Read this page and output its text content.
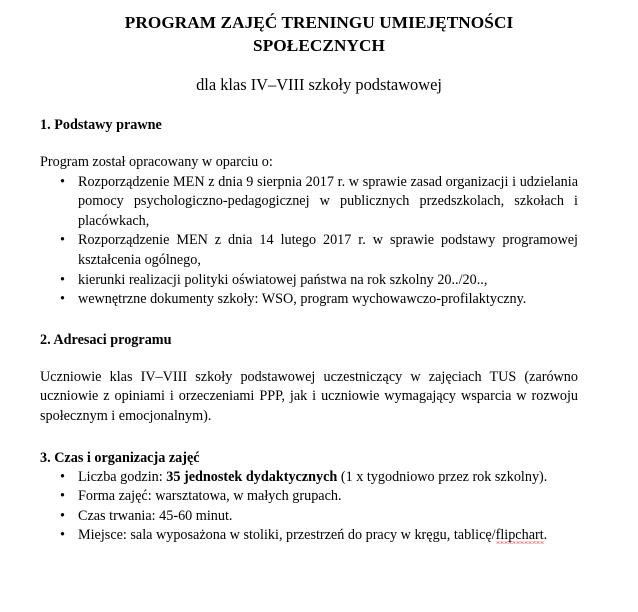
PROGRAM ZAJĘĆ TRENINGU UMIEJĘTNOŚCI SPOŁECZNYCH

dla klas IV–VIII szkoły podstawowej

1. Podstawy prawne

Program został opracowany w oparciu o:

• Rozporządzenie MEN z dnia 9 sierpnia 2017 r. w sprawie zasad organizacji i udzielania pomocy psychologiczno-pedagogicznej w publicznych przedszkolach, szkołach i placówkach,
• Rozporządzenie MEN z dnia 14 lutego 2017 r. w sprawie podstawy programowej kształcenia ogólnego,
• kierunki realizacji polityki oświatowej państwa na rok szkolny 20../20..,
• wewnętrzne dokumenty szkoły: WSO, program wychowawczo-profilaktyczny.
2. Adresaci programu

Uczniowie klas IV–VIII szkoły podstawowej uczestniczący w zajęciach TUS (zarówno uczniowie z opiniami i orzeczeniami PPP, jak i uczniowie wymagający wsparcia w rozwoju społecznym i emocjonalnym).

3. Czas i organizacja zajęć
• Liczba godzin: 35 jednostek dydaktycznych (1 x tygodniowo przez rok szkolny).
• Forma zajęć: warsztatowa, w małych grupach.
• Czas trwania: 45-60 minut.
• Miejsce: sala wyposażona w stoliki, przestrzeń do pracy w kręgu, tablicę/flipchart.
